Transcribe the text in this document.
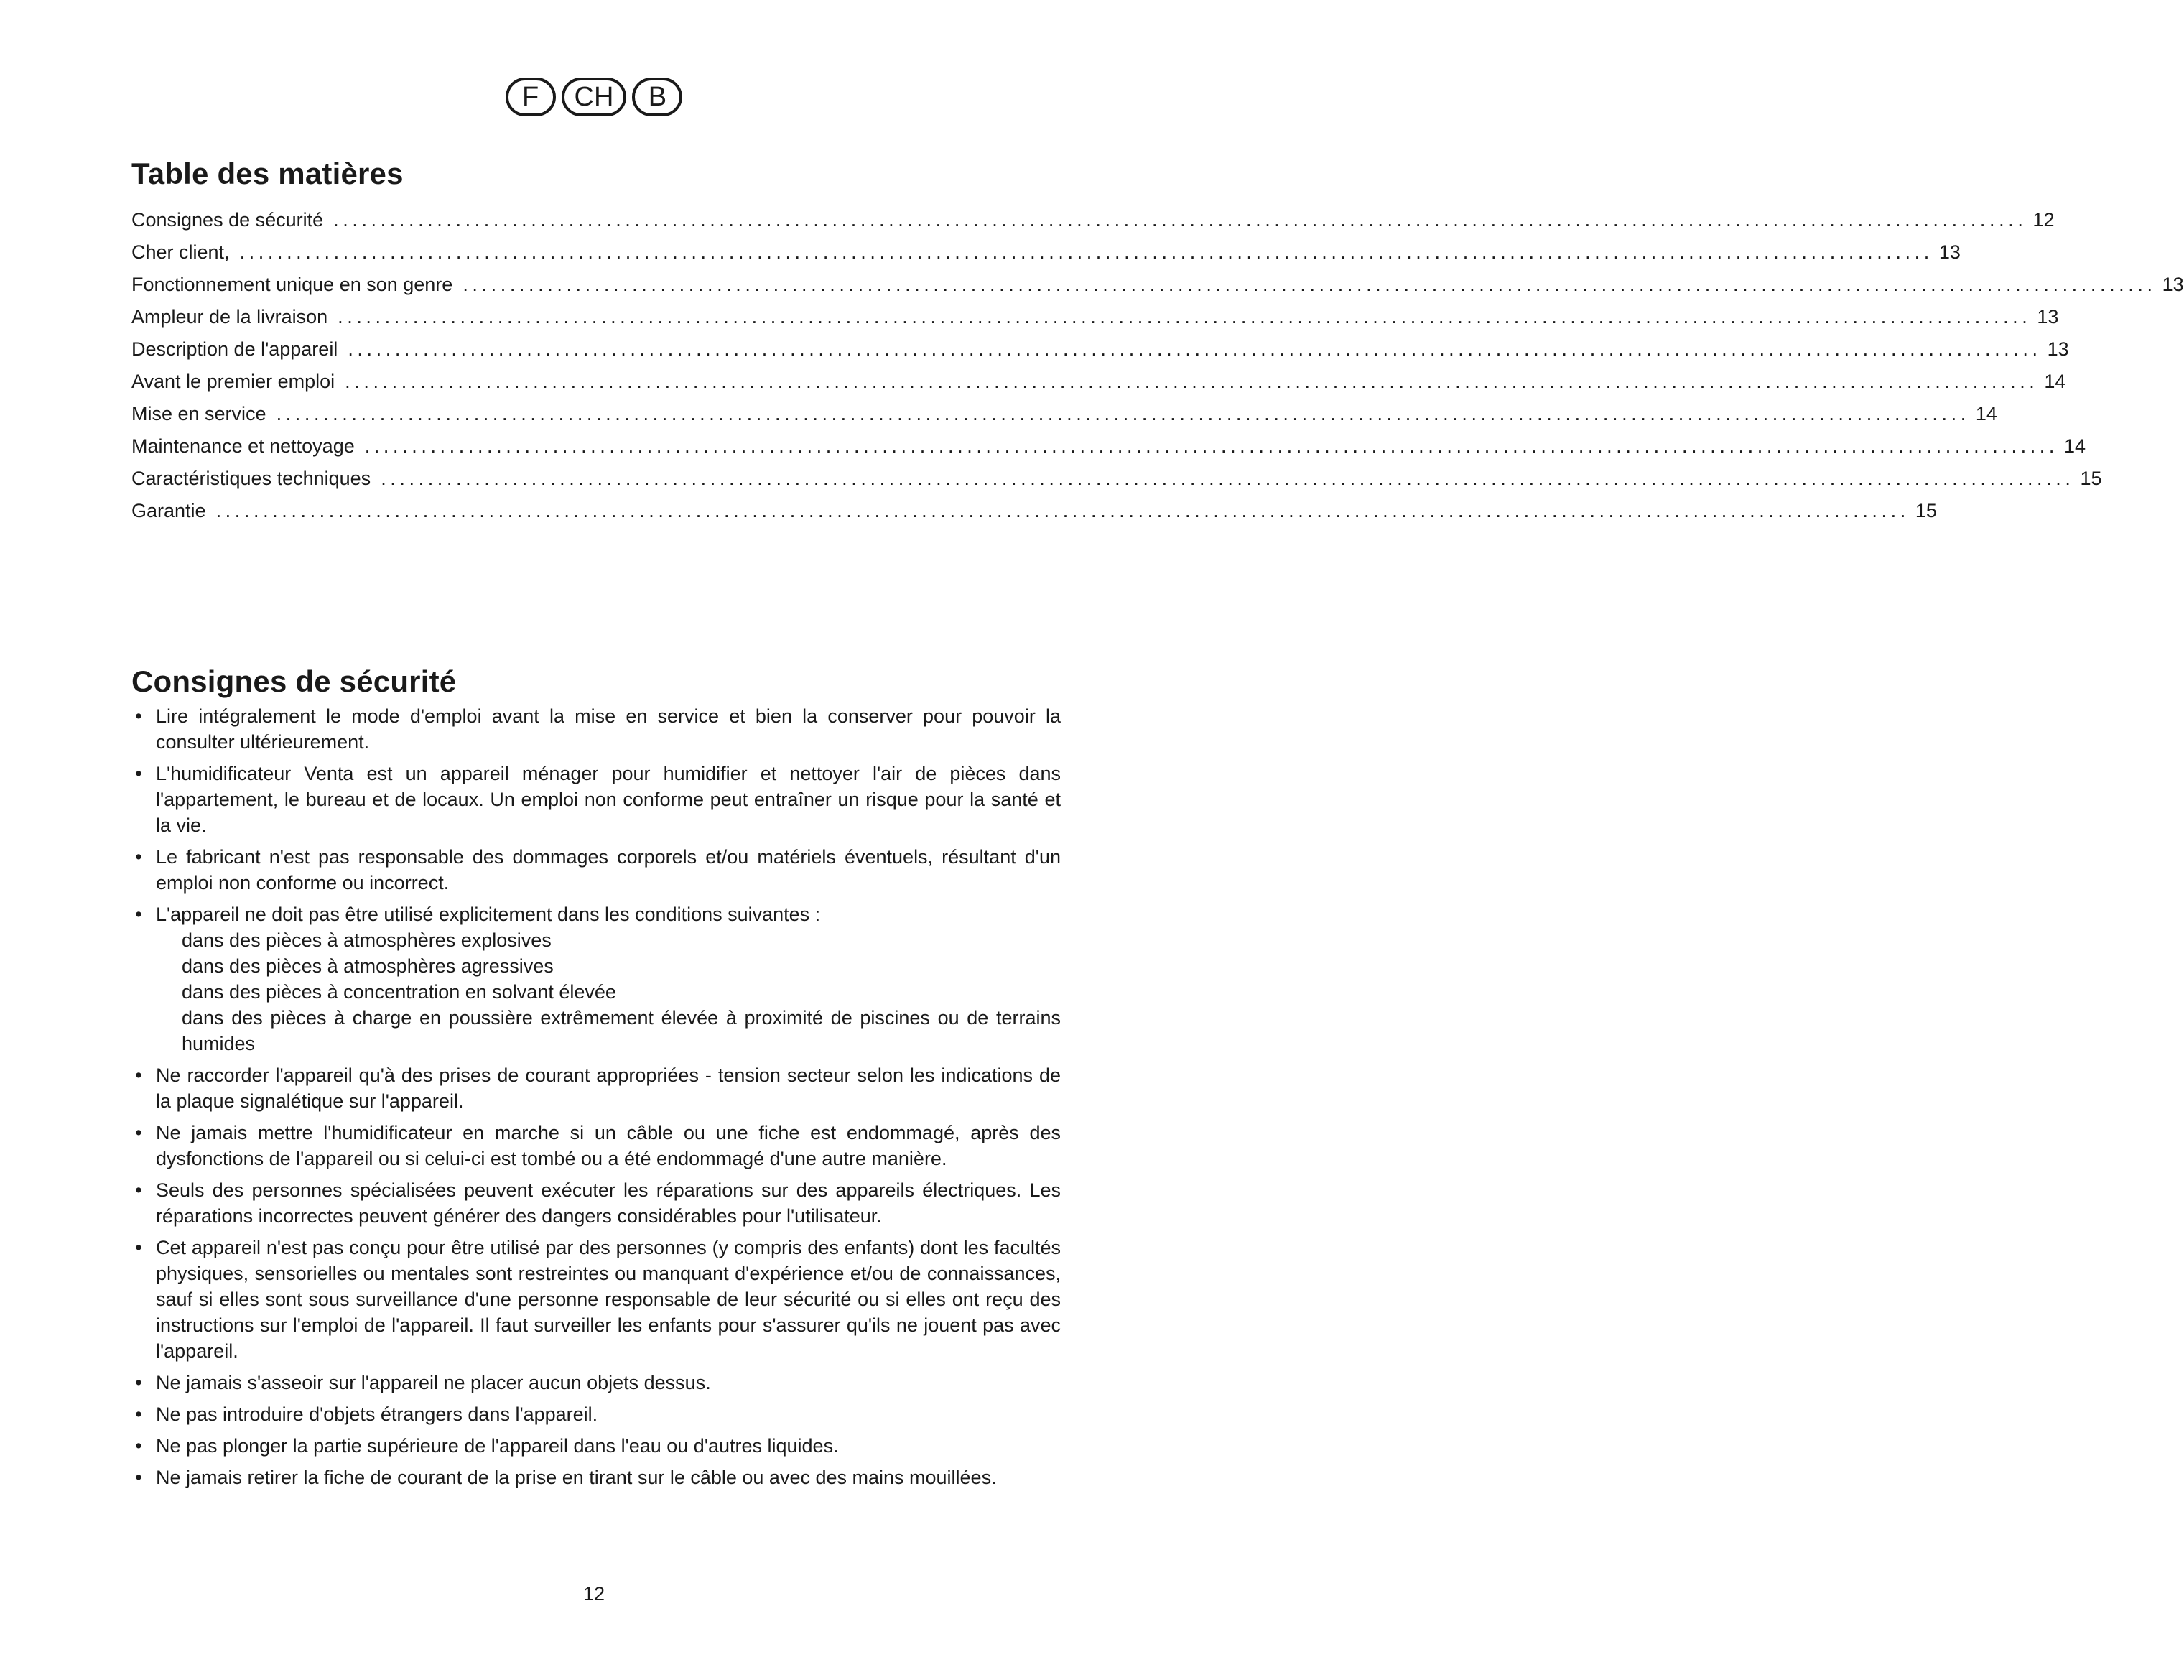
F	CH	B
Table des matières
Consignes de sécurité .................................................................................................................................................................................... 12
Cher client, .................................................................................................................................................................................... 13
Fonctionnement unique en son genre .................................................................................................................................................................................... 13
Ampleur de la livraison .................................................................................................................................................................................... 13
Description de l'appareil .................................................................................................................................................................................... 13
Avant le premier emploi .................................................................................................................................................................................... 14
Mise en service .................................................................................................................................................................................... 14
Maintenance et nettoyage .................................................................................................................................................................................... 14
Caractéristiques techniques .................................................................................................................................................................................... 15
Garantie .................................................................................................................................................................................... 15
Consignes de sécurité
• Lire intégralement le mode d'emploi avant la mise en service et bien la conserver pour pouvoir la consulter ultérieurement.
• L'humidificateur Venta est un appareil ménager pour humidifier et nettoyer l'air de pièces dans l'appartement, le bureau et de locaux. Un emploi non conforme peut entraîner un risque pour la santé et la vie.
• Le fabricant n'est pas responsable des dommages corporels et/ou matériels éventuels, résultant d'un emploi non conforme ou incorrect.
• L'appareil ne doit pas être utilisé explicitement dans les conditions suivantes :
dans des pièces à atmosphères explosives
dans des pièces à atmosphères agressives
dans des pièces à concentration en solvant élevée
dans des pièces à charge en poussière extrêmement élevée à proximité de piscines ou de terrains humides
• Ne raccorder l'appareil qu'à des prises de courant appropriées - tension secteur selon les indications de la plaque signalétique sur l'appareil.
• Ne jamais mettre l'humidificateur en marche si un câble ou une fiche est endommagé, après des dysfonctions de l'appareil ou si celui-ci est tombé ou a été endommagé d'une autre manière.
• Seuls des personnes spécialisées peuvent exécuter les réparations sur des appareils électriques. Les réparations incorrectes peuvent générer des dangers considérables pour l'utilisateur.
• Cet appareil n'est pas conçu pour être utilisé par des personnes (y compris des enfants) dont les facultés physiques, sensorielles ou mentales sont restreintes ou manquant d'expérience et/ou de connaissances, sauf si elles sont sous surveillance d'une personne responsable de leur sécurité ou si elles ont reçu des instructions sur l'emploi de l'appareil. Il faut surveiller les enfants pour s'assurer qu'ils ne jouent pas avec l'appareil.
• Ne jamais s'asseoir sur l'appareil ne placer aucun objets dessus.
• Ne pas introduire d'objets étrangers dans l'appareil.
• Ne pas plonger la partie supérieure de l'appareil dans l'eau ou d'autres liquides.
• Ne jamais retirer la fiche de courant de la prise en tirant sur le câble ou avec des mains mouillées.
12
